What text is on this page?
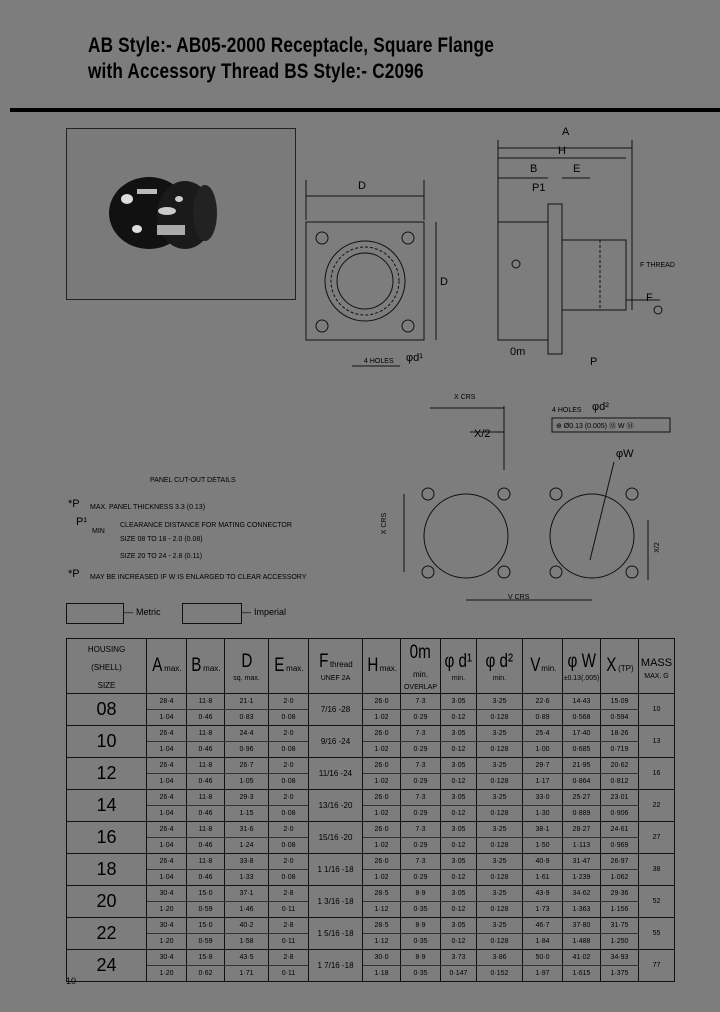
AB Style:- AB05-2000 Receptacle, Square Flange
with Accessory Thread BS Style:- C2096
A
H
B	E
P1
D
D
F THREAD
F
4 HOLES φd¹	0m
P
X CRS
X/2
4 HOLES φd²
⊕ Ø0.13 (0.005) Ⓜ W Ⓜ
φW
V CRS
X CRS
X/2
PANEL CUT-OUT DETAILS
*P MAX. PANEL THICKNESS 3.3 (0.13)
P¹
MIN
CLEARANCE DISTANCE FOR MATING CONNECTOR
SIZE 08 TO 18 - 2.0 (0.08)
SIZE 20 TO 24 - 2.8 (0.11)
*P MAY BE INCREASED IF W IS ENLARGED TO CLEAR ACCESSORY
— Metric	— Imperial
HOUSING
(SHELL)
SIZE	Amax.	Bmax.	D
sq. max.	Emax.	Fthread
UNEF 2A	Hmax.	0mmin.
OVERLAP	φ d¹
min.	φ d²
min.	Vmin.	φ W
±0.13(.005)	X(TP)	MASS
MAX. G

08	28·4	11·8	21·1	2·0	7/16 -28	26·0	7·3	3·05	3·25	22·6	14·43	15·09	10
	1·04	0·46	0·83	0·08		1·02	0·29	0·12	0·128	0·89	0·568	0·594	
10	26·4	11·8	24·4	2·0	9/16 -24	26·0	7·3	3·05	3·25	25·4	17·40	18·26	13
	1·04	0·46	0·96	0·08		1·02	0·29	0·12	0·128	1·00	0·685	0·719	
12	26·4	11·8	26·7	2·0	11/16 -24	26·0	7·3	3·05	3·25	29·7	21·95	20·62	16
	1·04	0·46	1·05	0·08		1·02	0·29	0·12	0·128	1·17	0·864	0·812	
14	26·4	11·8	29·3	2·0	13/16 -20	26·0	7·3	3·05	3·25	33·0	25·27	23·01	22
	1·04	0·46	1·15	0·08		1·02	0·29	0·12	0·128	1·30	0·889	0·906	
16	26·4	11·8	31·6	2·0	15/16 -20	26·0	7·3	3·05	3·25	38·1	28·27	24·61	27
	1·04	0·46	1·24	0·08		1·02	0·29	0·12	0·128	1·50	1·113	0·969	
18	26·4	11·8	33·8	2·0	1 1/16 -18	26·0	7·3	3·05	3·25	40·9	31·47	26·97	38
	1·04	0·46	1·33	0·08		1·02	0·29	0·12	0·128	1·61	1·239	1·062	
20	30·4	15·0	37·1	2·8	1 3/16 -18	28·5	8·9	3·05	3·25	43·9	34·62	29·36	52
	1·20	0·59	1·46	0·11		1·12	0·35	0·12	0·128	1·73	1·363	1·156	
22	30·4	15·0	40·2	2·8	1 5/16 -18	28·5	8·9	3·05	3·25	46·7	37·80	31·75	55
	1·20	0·59	1·58	0·11		1·12	0·35	0·12	0·128	1·84	1·488	1·250	
24	30·4	15·8	43·5	2·8	1 7/16 -18	30·0	8·9	3·73	3·86	50·0	41·02	34·93	77
	1·20	0·62	1·71	0·11		1·18	0·35	0·147	0·152	1·97	1·615	1·375	
10
